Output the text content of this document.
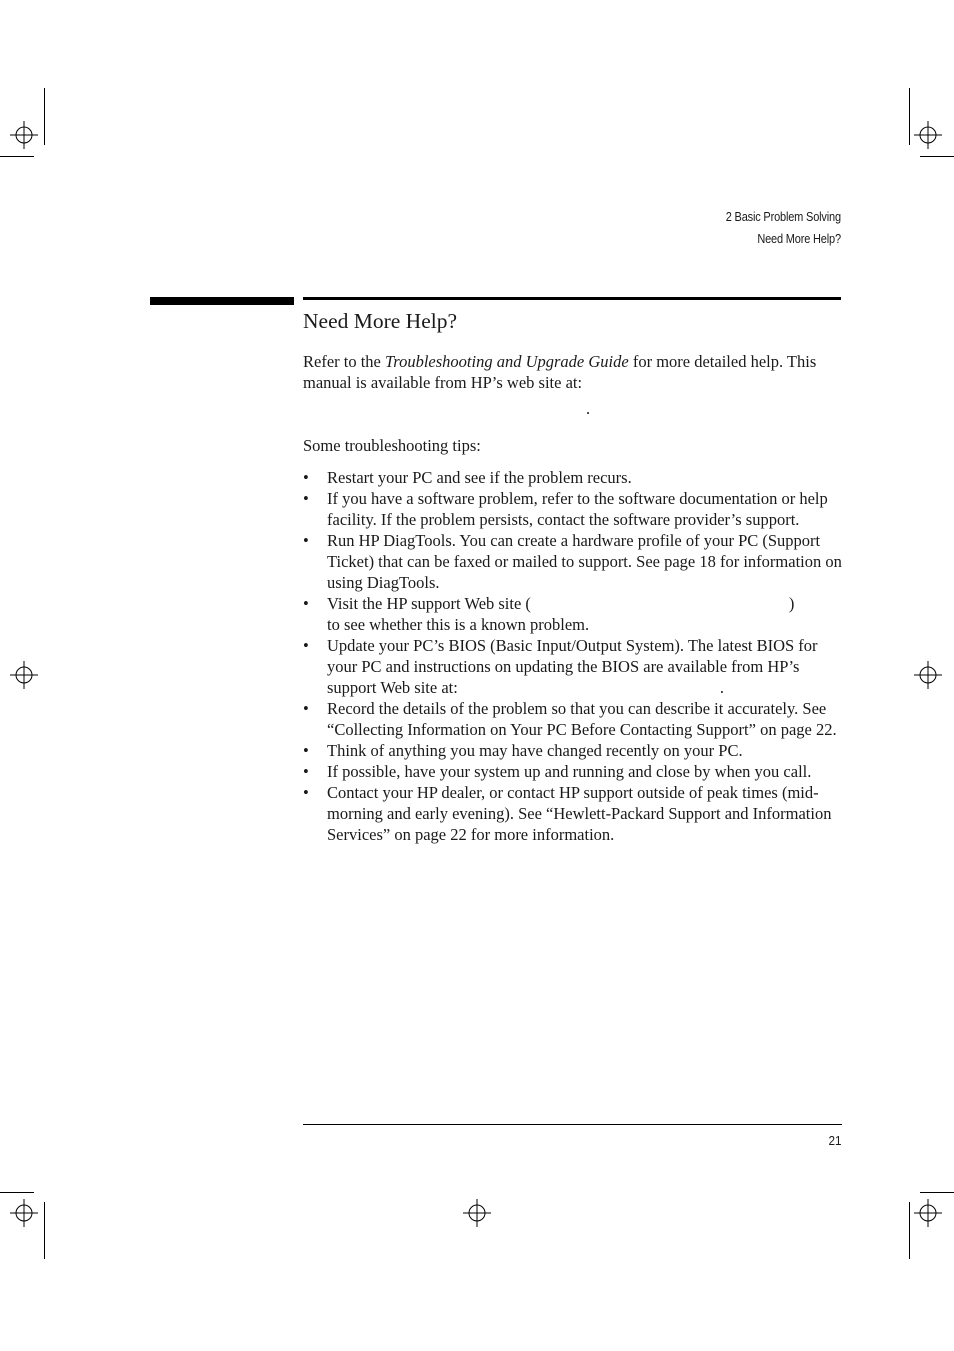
2 Basic Problem Solving
Need More Help?
Need More Help?

Refer to the Troubleshooting and Upgrade Guide for more detailed help. This manual is available from HP’s web site at:

.

Some troubleshooting tips:

• Restart your PC and see if the problem recurs.
• If you have a software problem, refer to the software documentation or help facility. If the problem persists, contact the software provider’s support.
• Run HP DiagTools. You can create a hardware profile of your PC (Support Ticket) that can be faxed or mailed to support. See page 18 for information on using DiagTools.
• Visit the HP support Web site (	)
to see whether this is a known problem.
• Update your PC’s BIOS (Basic Input/Output System). The latest BIOS for your PC and instructions on updating the BIOS are available from HP’s support Web site at:	.
• Record the details of the problem so that you can describe it accurately. See “Collecting Information on Your PC Before Contacting Support” on page 22.
• Think of anything you may have changed recently on your PC.
• If possible, have your system up and running and close by when you call.
• Contact your HP dealer, or contact HP support outside of peak times (mid-morning and early evening). See “Hewlett-Packard Support and Information Services” on page 22 for more information.
21
